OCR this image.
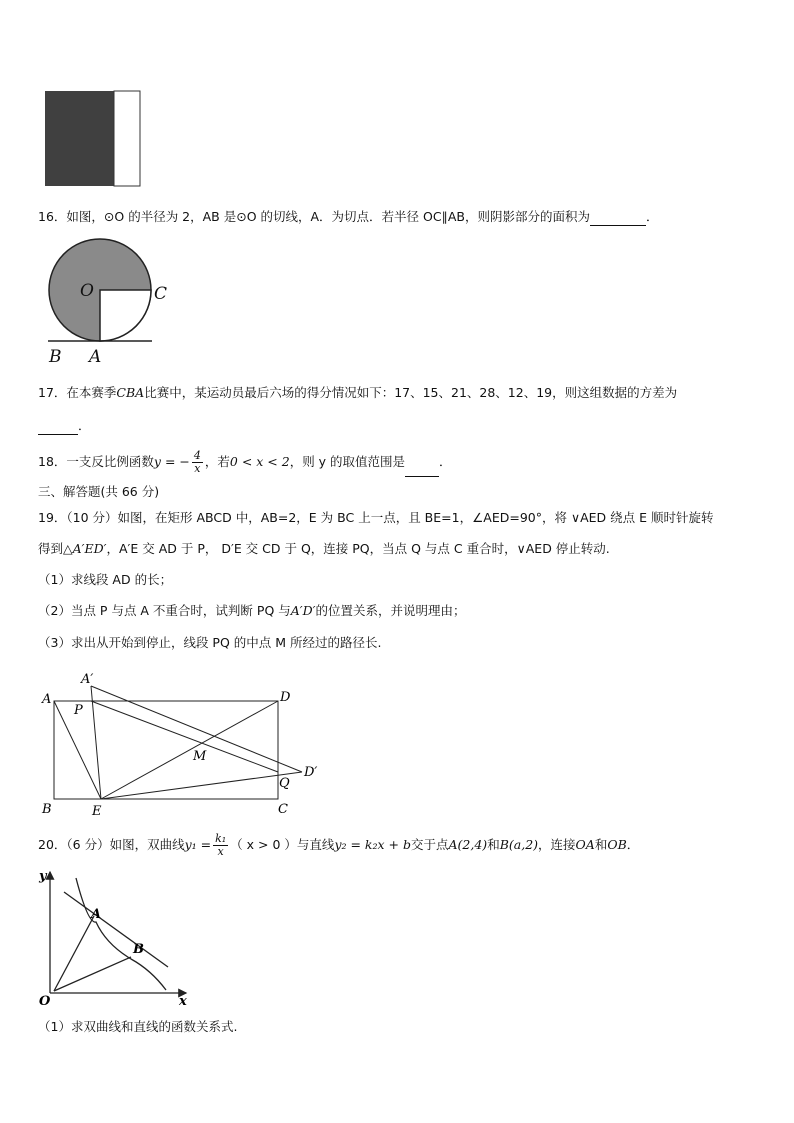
16．如图，⊙O 的半径为 2，AB 是⊙O 的切线，A．为切点．若半径 OC∥AB，则阴影部分的面积为	．
O	C
B A
17．在本赛季CBA比赛中，某运动员最后六场的得分情况如下：17、15、21、28、12、19，则这组数据的方差为
．
18．一支反比例函数y = − $\frac{4}{x}$ ，若0 < x < 2，则 y 的取值范围是	．
三、解答题(共 66 分)
19．（10 分）如图，在矩形 ABCD 中，AB=2，E 为 BC 上一点，且 BE=1，∠AED=90°，将 ∨AED 绕点 E 顺时针旋转
得到△A′ED′，A′E 交 AD 于 P， D′E 交 CD 于 Q，连接 PQ，当点 Q 与点 C 重合时，∨AED 停止转动.
（1）求线段 AD 的长；
（2）当点 P 与点 A 不重合时，试判断 PQ 与A′D′的位置关系，并说明理由；
（3）求出从开始到停止，线段 PQ 的中点 M 所经过的路径长.
A
A′
P
D
M
Q
D′
B	E	C
20．（6 分）如图，双曲线$y_1 = \frac{\text{k₁}}{x}$ （ x > 0 ）与直线y₂ = k₂x + b交于点A(2,4)和B(a,2)，连接OA和OB．
y
x
O
A
B
（1）求双曲线和直线的函数关系式.
